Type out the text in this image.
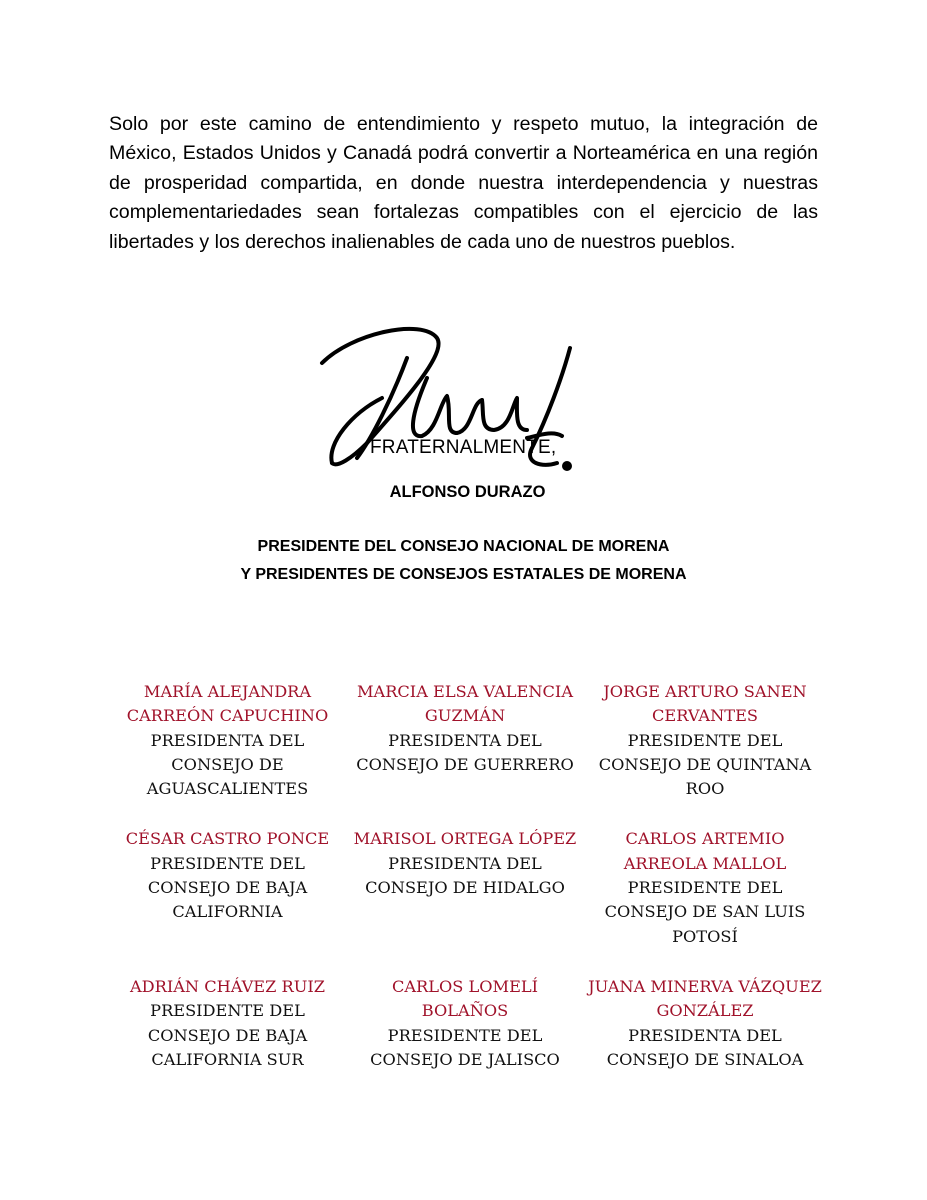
Solo por este camino de entendimiento y respeto mutuo, la integración de México, Estados Unidos y Canadá podrá convertir a Norteamérica en una región de prosperidad compartida, en donde nuestra interdependencia y nuestras complementariedades sean fortalezas compatibles con el ejercicio de las libertades y los derechos inalienables de cada uno de nuestros pueblos.

FRATERNALMENTE,
ALFONSO DURAZO
PRESIDENTE DEL CONSEJO NACIONAL DE MORENA
Y PRESIDENTES DE CONSEJOS ESTATALES DE MORENA
MARÍA ALEJANDRA CARREÓN CAPUCHINO
PRESIDENTA DEL CONSEJO DE AGUASCALIENTES
MARCIA ELSA VALENCIA GUZMÁN
PRESIDENTA DEL CONSEJO DE GUERRERO
JORGE ARTURO SANEN CERVANTES
PRESIDENTE DEL CONSEJO DE QUINTANA ROO
CÉSAR CASTRO PONCE
PRESIDENTE DEL CONSEJO DE BAJA CALIFORNIA
MARISOL ORTEGA LÓPEZ
PRESIDENTA DEL CONSEJO DE HIDALGO
CARLOS ARTEMIO ARREOLA MALLOL
PRESIDENTE DEL CONSEJO DE SAN LUIS POTOSÍ
ADRIÁN CHÁVEZ RUIZ
PRESIDENTE DEL CONSEJO DE BAJA CALIFORNIA SUR
CARLOS LOMELÍ BOLAÑOS
PRESIDENTE DEL CONSEJO DE JALISCO
JUANA MINERVA VÁZQUEZ GONZÁLEZ
PRESIDENTA DEL CONSEJO DE SINALOA
